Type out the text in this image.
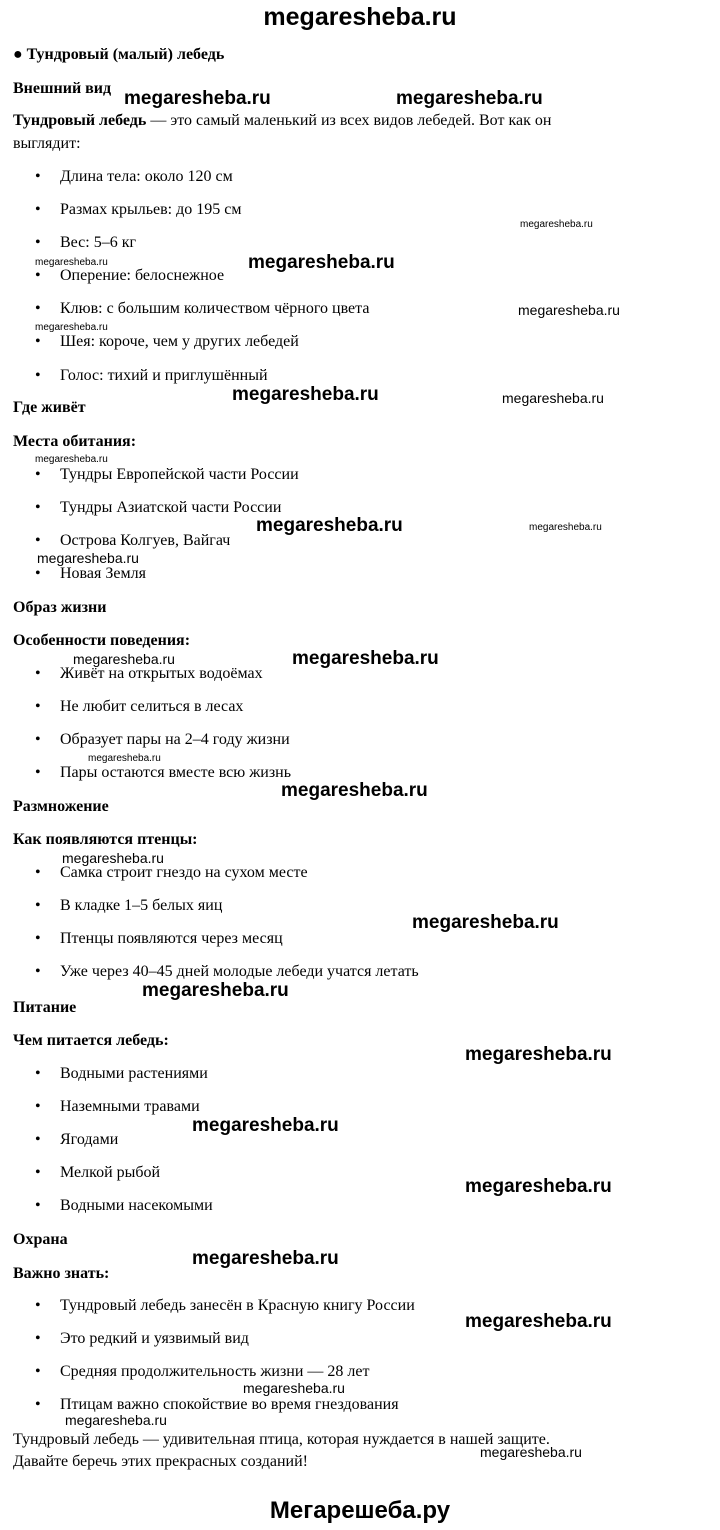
megaresheba.ru
● Тундровый (малый) лебедь
Внешний вид
Тундровый лебедь — это самый маленький из всех видов лебедей. Вот как он
выглядит:
• Длина тела: около 120 см
• Размах крыльев: до 195 см
• Вес: 5–6 кг
• Оперение: белоснежное
• Клюв: с большим количеством чёрного цвета
• Шея: короче, чем у других лебедей
• Голос: тихий и приглушённый
Где живёт
Места обитания:
• Тундры Европейской части России
• Тундры Азиатской части России
• Острова Колгуев, Вайгач
• Новая Земля
Образ жизни
Особенности поведения:
• Живёт на открытых водоёмах
• Не любит селиться в лесах
• Образует пары на 2–4 году жизни
• Пары остаются вместе всю жизнь
Размножение
Как появляются птенцы:
• Самка строит гнездо на сухом месте
• В кладке 1–5 белых яиц
• Птенцы появляются через месяц
• Уже через 40–45 дней молодые лебеди учатся летать
Питание
Чем питается лебедь:
• Водными растениями
• Наземными травами
• Ягодами
• Мелкой рыбой
• Водными насекомыми
Охрана
Важно знать:
• Тундровый лебедь занесён в Красную книгу России
• Это редкий и уязвимый вид
• Средняя продолжительность жизни — 28 лет
• Птицам важно спокойствие во время гнездования
Тундровый лебедь — удивительная птица, которая нуждается в нашей защите.
Давайте беречь этих прекрасных созданий!
megaresheba.ru	megaresheba.ru
megaresheba.ru
megaresheba.ru	megaresheba.ru
megaresheba.ru
megaresheba.ru
megaresheba.ru	megaresheba.ru
megaresheba.ru
megaresheba.ru	megaresheba.ru
megaresheba.ru
megaresheba.ru	megaresheba.ru
megaresheba.ru
megaresheba.ru
megaresheba.ru
megaresheba.ru
megaresheba.ru
megaresheba.ru
megaresheba.ru
megaresheba.ru
megaresheba.ru
megaresheba.ru
megaresheba.ru
megaresheba.ru
megaresheba.ru
Мегарешеба.ру
